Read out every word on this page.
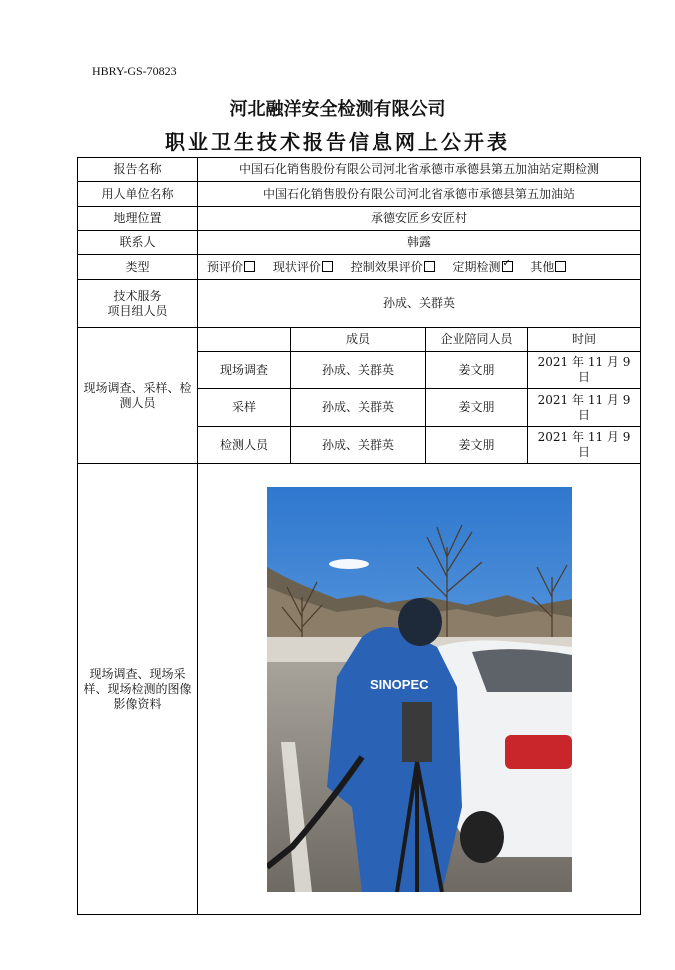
HBRY-GS-70823
河北融洋安全检测有限公司
职业卫生技术报告信息网上公开表
报告名称	中国石化销售股份有限公司河北省承德市承德县第五加油站定期检测			
用人单位名称	中国石化销售股份有限公司河北省承德市承德县第五加油站			
地理位置	承德安匠乡安匠村			
联系人	韩露			
类型	预评价 现状评价 控制效果评价 定期检测 ✓ 其他

技术服务
项目组人员	孙成、关群英			
现场调查、采样、检测人员		成员	企业陪同人员	时间
	现场调查	孙成、关群英	姜文朋	2021 年 11 月 9 日
	采样	孙成、关群英	姜文朋	2021 年 11 月 9 日
	检测人员	孙成、关群英	姜文朋	2021 年 11 月 9 日
现场调查、现场采样、现场检测的图像影像资料	SINOPEC			
